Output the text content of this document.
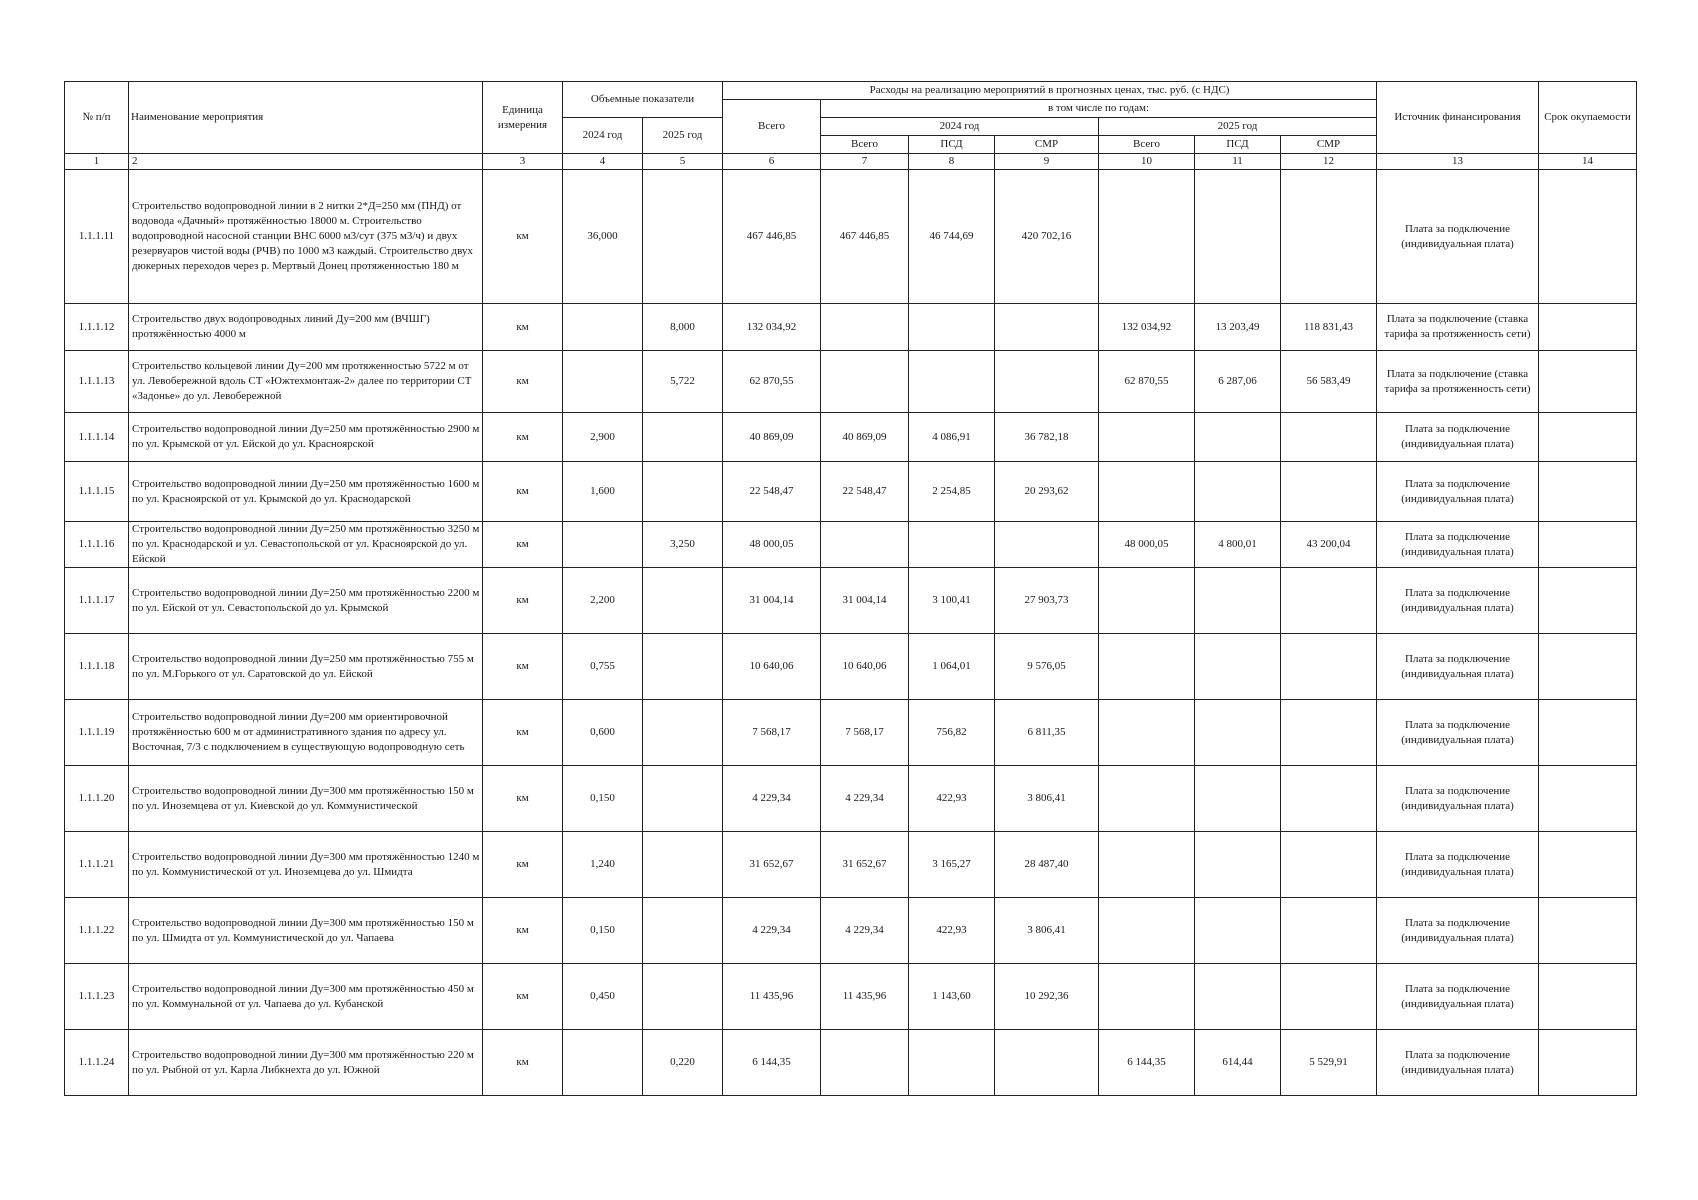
№ п/п	Наименование мероприятия	Единица измерения	Объемные показатели		Расходы на реализацию мероприятий в прогнозных ценах, тыс. руб. (с НДС)							Источник финансирования	Срок окупаемости
					Всего	в том числе по годам:							
			2024 год	2025 год		2024 год			2025 год				
						Всего	ПСД	СМР	Всего	ПСД	СМР		
1	2	3	4	5	6	7	8	9	10	11	12	13	14
1.1.1.11	Строительство водопроводной линии в 2 нитки 2*Д=250 мм (ПНД) от водовода «Дачный» протяжённостью 18000 м. Строительство водопроводной насосной станции ВНС 6000 м3/сут (375 м3/ч) и двух резервуаров чистой воды (РЧВ) по 1000 м3 каждый. Строительство двух дюкерных переходов через р. Мертвый Донец протяженностью 180 м	км	36,000		467 446,85	467 446,85	46 744,69	420 702,16				Плата за подключение (индивидуальная плата)	
1.1.1.12	Строительство двух водопроводных линий Ду=200 мм (ВЧШГ) протяжённостью 4000 м	км		8,000	132 034,92				132 034,92	13 203,49	118 831,43	Плата за подключение (ставка тарифа за протяженность сети)	
1.1.1.13	Строительство кольцевой линии Ду=200 мм протяженностью 5722 м от ул. Левобережной вдоль СТ «Южтехмонтаж-2» далее по территории СТ «Задонье» до ул. Левобережной	км		5,722	62 870,55				62 870,55	6 287,06	56 583,49	Плата за подключение (ставка тарифа за протяженность сети)	
1.1.1.14	Строительство водопроводной линии Ду=250 мм протяжённостью 2900 м по ул. Крымской от ул. Ейской до ул. Красноярской	км	2,900		40 869,09	40 869,09	4 086,91	36 782,18				Плата за подключение (индивидуальная плата)	
1.1.1.15	Строительство водопроводной линии Ду=250 мм протяжённостью 1600 м по ул. Красноярской от ул. Крымской до ул. Краснодарской	км	1,600		22 548,47	22 548,47	2 254,85	20 293,62				Плата за подключение (индивидуальная плата)	
1.1.1.16	Строительство водопроводной линии Ду=250 мм протяжённостью 3250 м по ул. Краснодарской и ул. Севастопольской от ул. Красноярской до ул. Ейской	км		3,250	48 000,05				48 000,05	4 800,01	43 200,04	Плата за подключение (индивидуальная плата)	
1.1.1.17	Строительство водопроводной линии Ду=250 мм протяжённостью 2200 м по ул. Ейской от ул. Севастопольской до ул. Крымской	км	2,200		31 004,14	31 004,14	3 100,41	27 903,73				Плата за подключение (индивидуальная плата)	
1.1.1.18	Строительство водопроводной линии Ду=250 мм протяжённостью 755 м по ул. М.Горького от ул. Саратовской до ул. Ейской	км	0,755		10 640,06	10 640,06	1 064,01	9 576,05				Плата за подключение (индивидуальная плата)	
1.1.1.19	Строительство водопроводной линии Ду=200 мм ориентировочной протяжённостью 600 м от административного здания по адресу ул. Восточная, 7/3 с подключением в существующую водопроводную сеть	км	0,600		7 568,17	7 568,17	756,82	6 811,35				Плата за подключение (индивидуальная плата)	
1.1.1.20	Строительство водопроводной линии Ду=300 мм протяжённостью 150 м по ул. Иноземцева от ул. Киевской до ул. Коммунистической	км	0,150		4 229,34	4 229,34	422,93	3 806,41				Плата за подключение (индивидуальная плата)	
1.1.1.21	Строительство водопроводной линии Ду=300 мм протяжённостью 1240 м по ул. Коммунистической от ул. Иноземцева до ул. Шмидта	км	1,240		31 652,67	31 652,67	3 165,27	28 487,40				Плата за подключение (индивидуальная плата)	
1.1.1.22	Строительство водопроводной линии Ду=300 мм протяжённостью 150 м по ул. Шмидта от ул. Коммунистической до ул. Чапаева	км	0,150		4 229,34	4 229,34	422,93	3 806,41				Плата за подключение (индивидуальная плата)	
1.1.1.23	Строительство водопроводной линии Ду=300 мм протяжённостью 450 м по ул. Коммунальной от ул. Чапаева до ул. Кубанской	км	0,450		11 435,96	11 435,96	1 143,60	10 292,36				Плата за подключение (индивидуальная плата)	
1.1.1.24	Строительство водопроводной линии Ду=300 мм протяжённостью 220 м по ул. Рыбной от ул. Карла Либкнехта до ул. Южной	км		0,220	6 144,35				6 144,35	614,44	5 529,91	Плата за подключение (индивидуальная плата)	
